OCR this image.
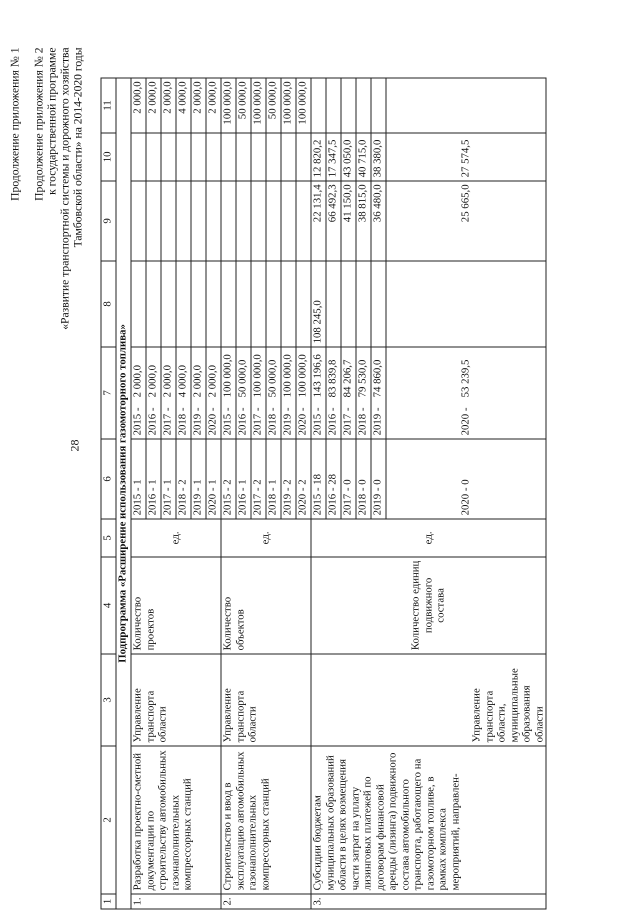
28
Продолжение приложения № 1 Продолжение приложения № 2 к государственной программе «Развитие транспортной системы и дорожного хозяйства Тамбовской области» на 2014-2020 годы
1	2	3	4	5	6	7	8	9	10	11
Подпрограмма «Расширение использования газомоторного топлива»										
1.	Разработка проектно-сметной документации по строительству автомобильных газонаполнительных компрессорных станций	Управление транспорта области	Количество проектов	ед.	2015 - 1	2015 -2 000,0				2 000,0
					2016 - 1	2016 -2 000,0				2 000,0
					2017 - 1	2017 -2 000,0				2 000,0
					2018 - 2	2018 -4 000,0				4 000,0
					2019 - 1	2019 -2 000,0				2 000,0
					2020 - 1	2020 -2 000,0				2 000,0
2.	Строительство и ввод в эксплуатацию автомобильных газонаполнительных компрессорных станций	Управление транспорта области	Количество объектов	ед.	2015 - 2	2015 -100 000,0				100 000,0
					2016 - 1	2016 -50 000,0				50 000,0
					2017 - 2	2017 -100 000,0				100 000,0
					2018 - 1	2018 -50 000,0				50 000,0
					2019 - 2	2019 -100 000,0				100 000,0
					2020 - 2	2020 -100 000,0				100 000,0
3.	Субсидии бюджетам муниципальных образований области в целях возмещения части затрат на уплату лизинговых платежей по договорам финансовой аренды (лизинга) подвижного состава автомобильного транспорта, работающего на газомоторном топливе, в рамках комплекса мероприятий, направлен-	Управление транспорта области, муниципальные образования области	Количество единиц подвижного состава	ед.	2015 - 18	2015 -143 196,6	108 245,0	22 131,4	12 820,2	
					2016 - 28	2016 -83 839,8		66 492,3	17 347,5	
					2017 - 0	2017 -84 206,7		41 150,0	43 050,0	
					2018 - 0	2018 -79 530,0		38 815,0	40 715,0	
					2019 - 0	2019 -74 860,0		36 480,0	38 380,0	
					2020 - 0	2020 -53 239,5		25 665,0	27 574,5	
